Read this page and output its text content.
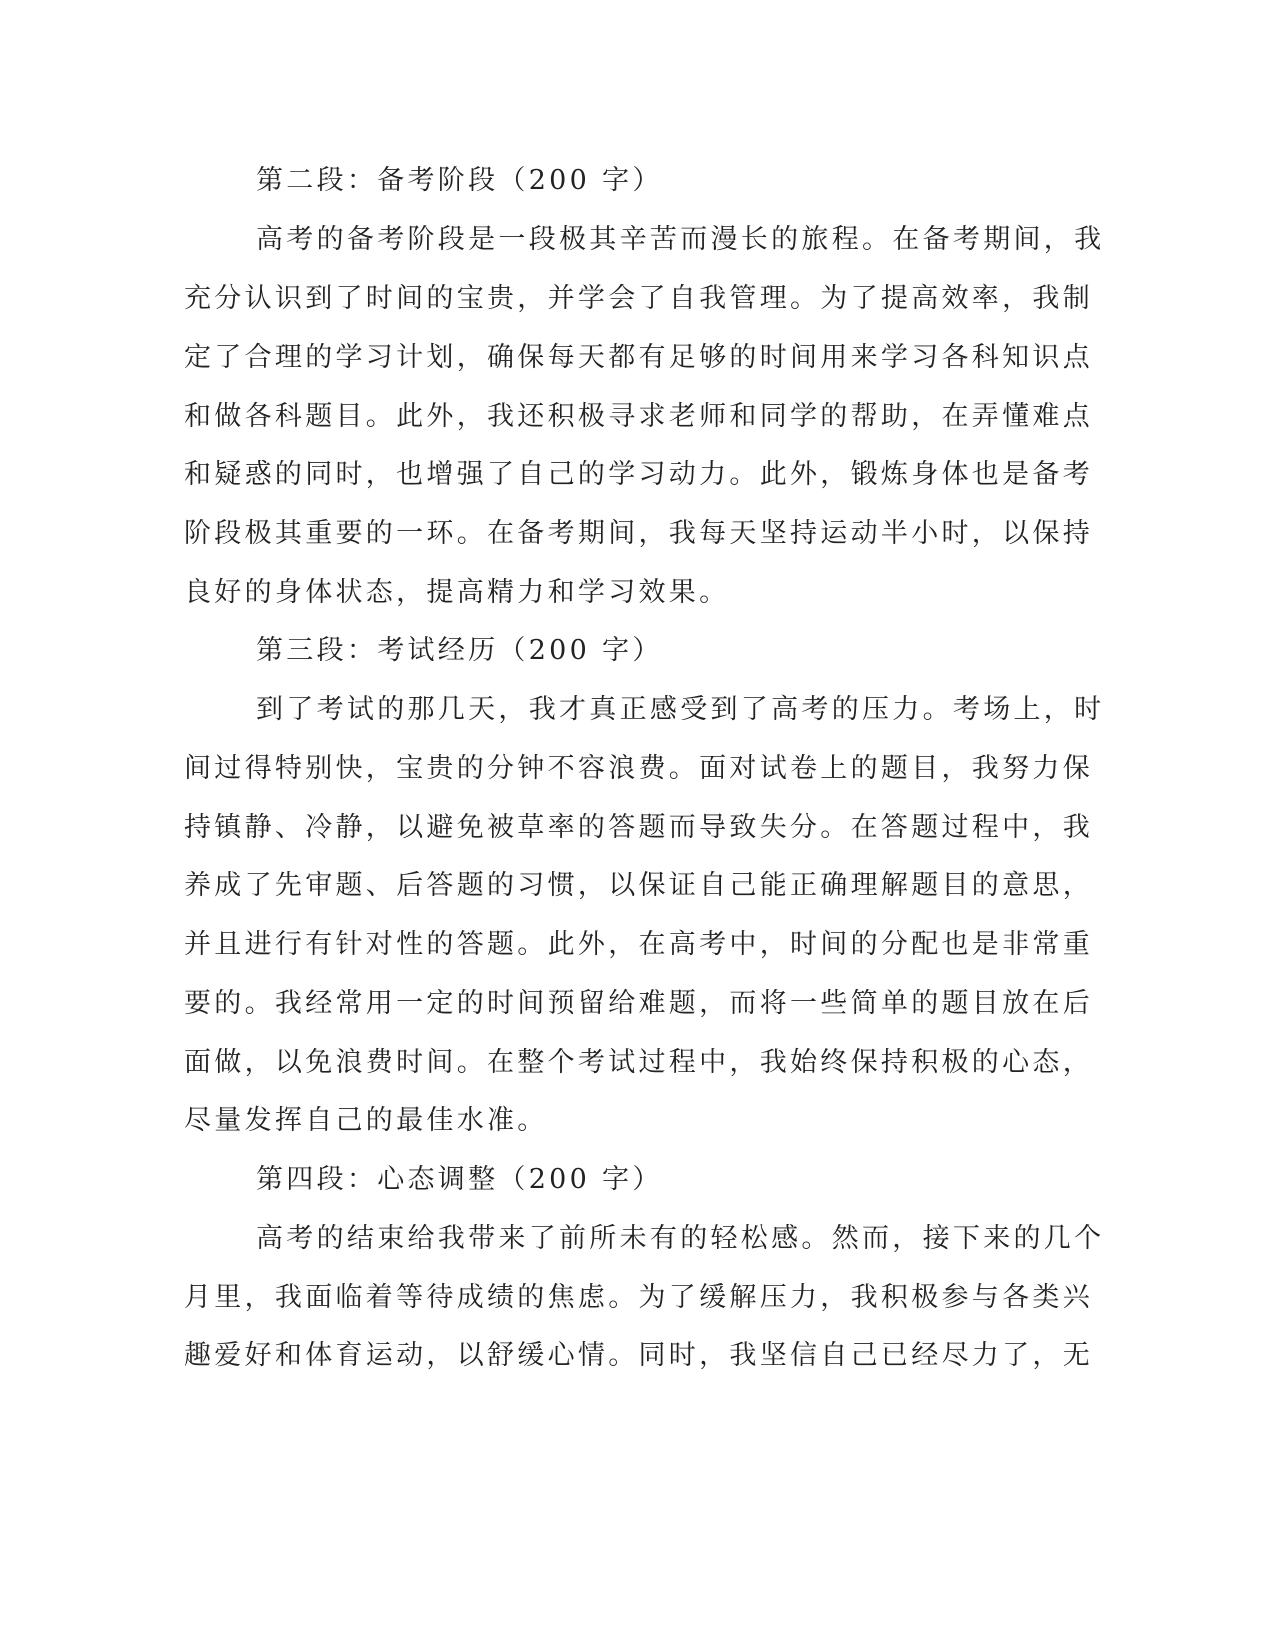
第二段：备考阶段（200 字）
高考的备考阶段是一段极其辛苦而漫长的旅程。在备考期间，我
充分认识到了时间的宝贵，并学会了自我管理。为了提高效率，我制
定了合理的学习计划，确保每天都有足够的时间用来学习各科知识点
和做各科题目。此外，我还积极寻求老师和同学的帮助，在弄懂难点
和疑惑的同时，也增强了自己的学习动力。此外，锻炼身体也是备考
阶段极其重要的一环。在备考期间，我每天坚持运动半小时，以保持
良好的身体状态，提高精力和学习效果。
第三段：考试经历（200 字）
到了考试的那几天，我才真正感受到了高考的压力。考场上，时
间过得特别快，宝贵的分钟不容浪费。面对试卷上的题目，我努力保
持镇静、冷静，以避免被草率的答题而导致失分。在答题过程中，我
养成了先审题、后答题的习惯，以保证自己能正确理解题目的意思，
并且进行有针对性的答题。此外，在高考中，时间的分配也是非常重
要的。我经常用一定的时间预留给难题，而将一些简单的题目放在后
面做，以免浪费时间。在整个考试过程中，我始终保持积极的心态，
尽量发挥自己的最佳水准。
第四段：心态调整（200 字）
高考的结束给我带来了前所未有的轻松感。然而，接下来的几个
月里，我面临着等待成绩的焦虑。为了缓解压力，我积极参与各类兴
趣爱好和体育运动，以舒缓心情。同时，我坚信自己已经尽力了，无
